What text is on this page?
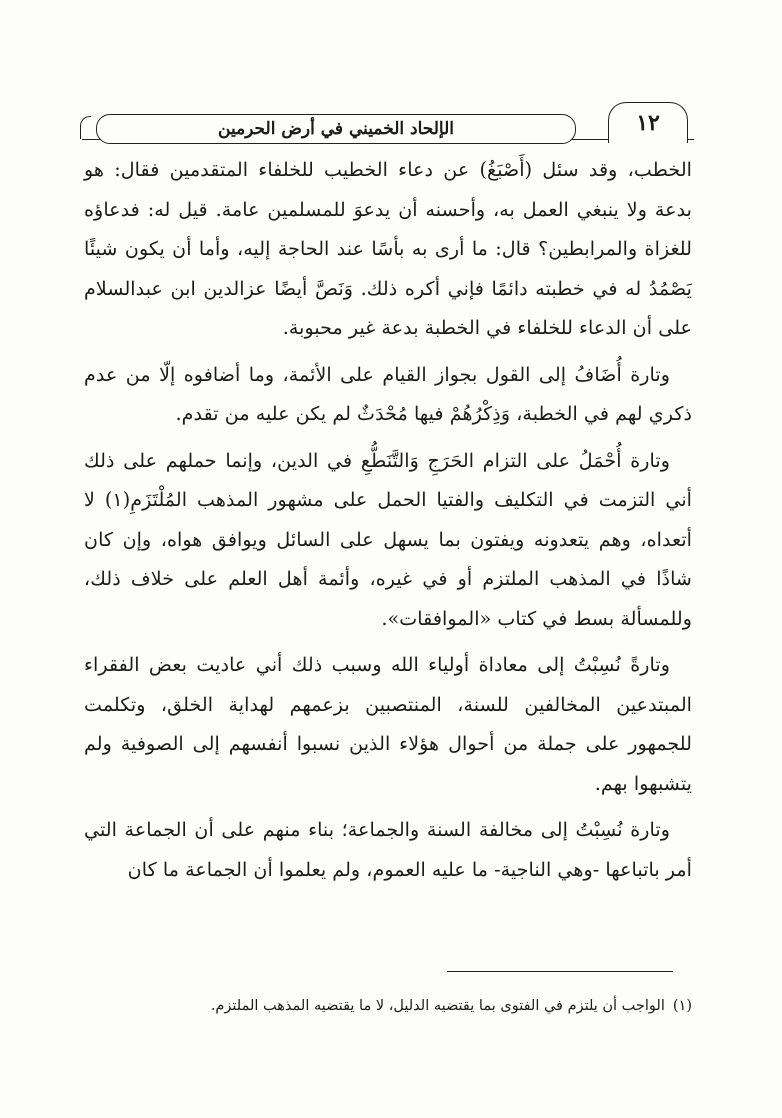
الإلحاد الخميني في أرض الحرمين	١٢

الخطب، وقد سئل (أَصْبَغُ) عن دعاء الخطيب للخلفاء المتقدمين فقال: هو بدعة ولا ينبغي العمل به، وأحسنه أن يدعوَ للمسلمين عامة. قيل له: فدعاؤه للغزاة والمرابطين؟ قال: ما أرى به بأسًا عند الحاجة إليه، وأما أن يكون شيئًا يَصْمُدُ له في خطبته دائمًا فإني أكره ذلك. وَنَصَّ أيضًا عزالدين ابن عبدالسلام على أن الدعاء للخلفاء في الخطبة بدعة غير محبوبة.

وتارة أُضَافُ إلى القول بجواز القيام على الأئمة، وما أضافوه إلّا من عدم ذكري لهم في الخطبة، وَذِكْرُهُمْ فيها مُحْدَثٌ لم يكن عليه من تقدم.

وتارة أُحْمَلُ على التزام الحَرَجِ وَالتَّنَطُّعِ في الدين، وإنما حملهم على ذلك أني التزمت في التكليف والفتيا الحمل على مشهور المذهب المُلْتَزَمِ(١) لا أتعداه، وهم يتعدونه ويفتون بما يسهل على السائل ويوافق هواه، وإن كان شاذًا في المذهب الملتزم أو في غيره، وأئمة أهل العلم على خلاف ذلك، وللمسألة بسط في كتاب «الموافقات».

وتارةً نُسِبْتُ إلى معاداة أولياء الله وسبب ذلك أني عاديت بعض الفقراء المبتدعين المخالفين للسنة، المنتصبين بزعمهم لهداية الخلق، وتكلمت للجمهور على جملة من أحوال هؤلاء الذين نسبوا أنفسهم إلى الصوفية ولم يتشبهوا بهم.

وتارة نُسِبْتُ إلى مخالفة السنة والجماعة؛ بناء منهم على أن الجماعة التي أمر باتباعها -وهي الناجية- ما عليه العموم، ولم يعلموا أن الجماعة ما كان

(١)الواجب أن يلتزم في الفتوى بما يقتضيه الدليل، لا ما يقتضيه المذهب الملتزم.
